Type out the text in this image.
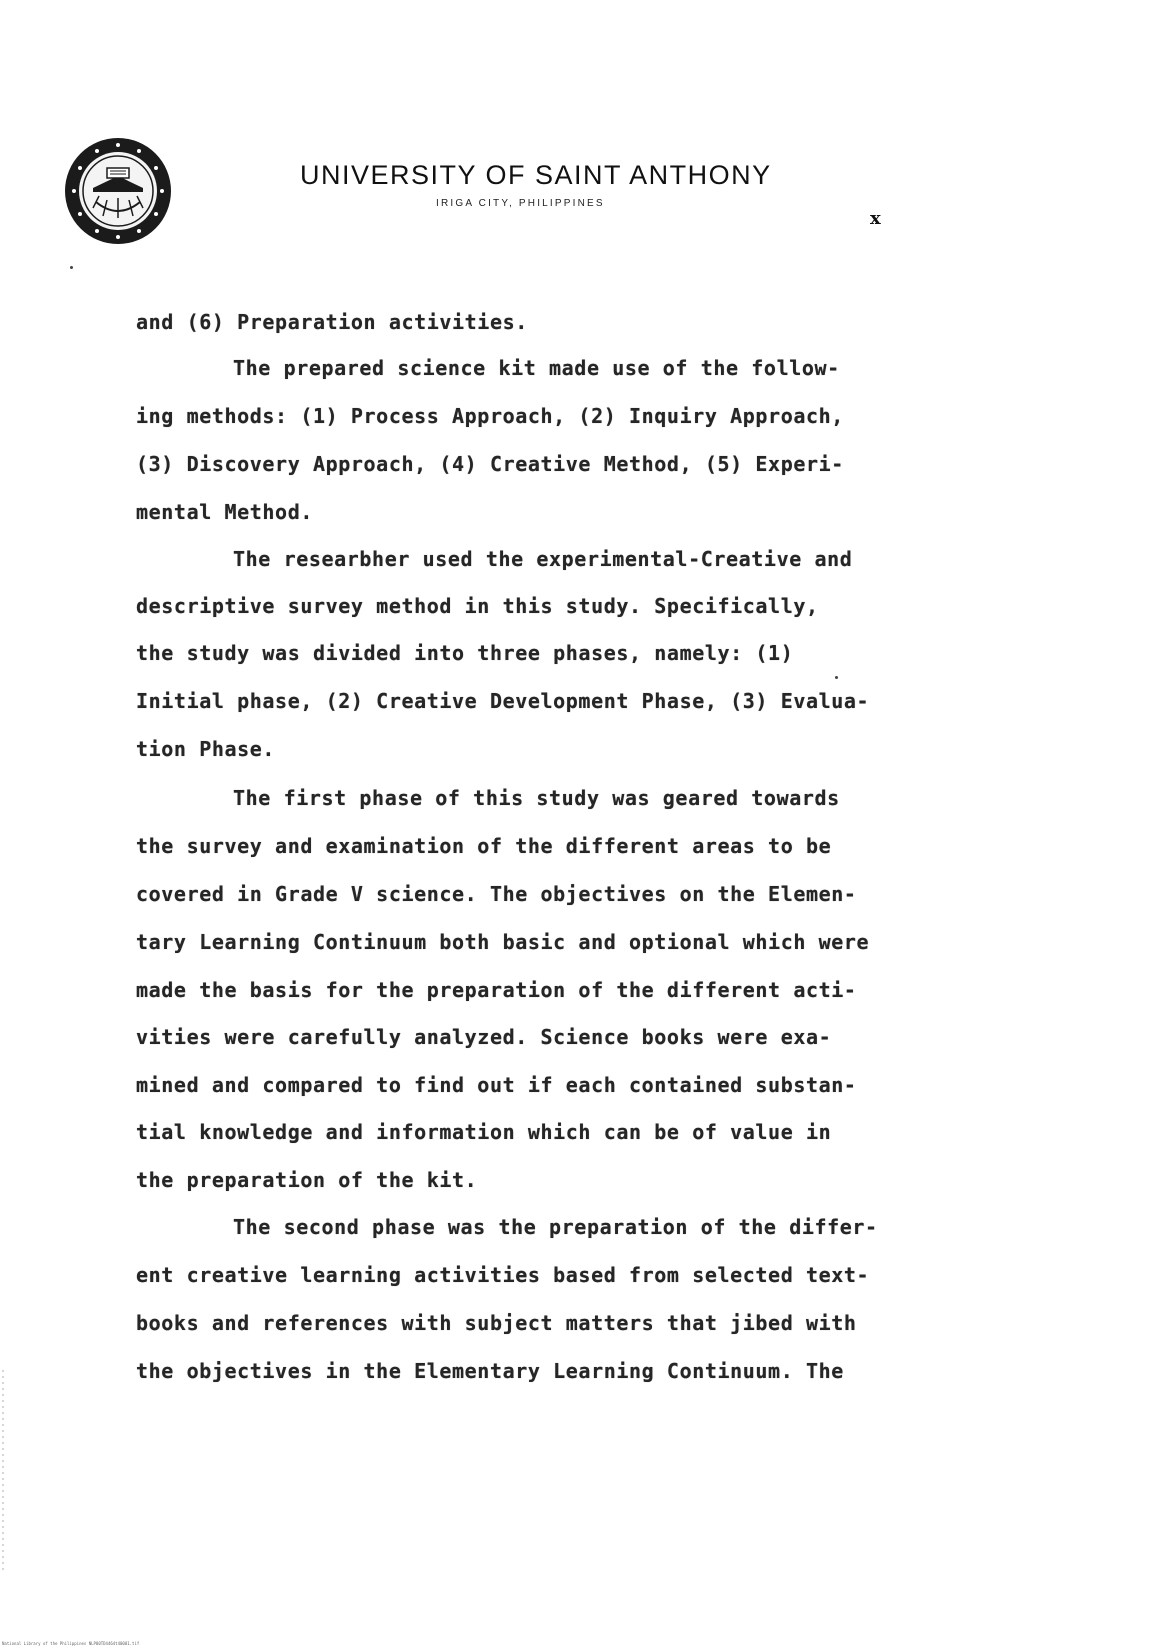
UNIVERSITY OF SAINT ANTHONY
IRIGA CITY, PHILIPPINES
x
and (6) Preparation activities.
The prepared science kit made use of the follow-
ing methods: (1) Process Approach, (2) Inquiry Approach,
(3) Discovery Approach, (4) Creative Method, (5) Experi-
mental Method.
The researbher used the experimental-Creative and
descriptive survey method in this study. Specifically,
the study was divided into three phases, namely: (1)
Initial phase, (2) Creative Development Phase, (3) Evalua-
tion Phase.
The first phase of this study was geared towards
the survey and examination of the different areas to be
covered in Grade V science. The objectives on the Elemen-
tary Learning Continuum both basic and optional which were
made the basis for the preparation of the different acti-
vities were carefully analyzed. Science books were exa-
mined and compared to find out if each contained substan-
tial knowledge and information which can be of value in
the preparation of the kit.
The second phase was the preparation of the differ-
ent creative learning activities based from selected text-
books and references with subject matters that jibed with
the objectives in the Elementary Learning Continuum. The
National Library of the Philippines NLP00TD4464t40001.tif
